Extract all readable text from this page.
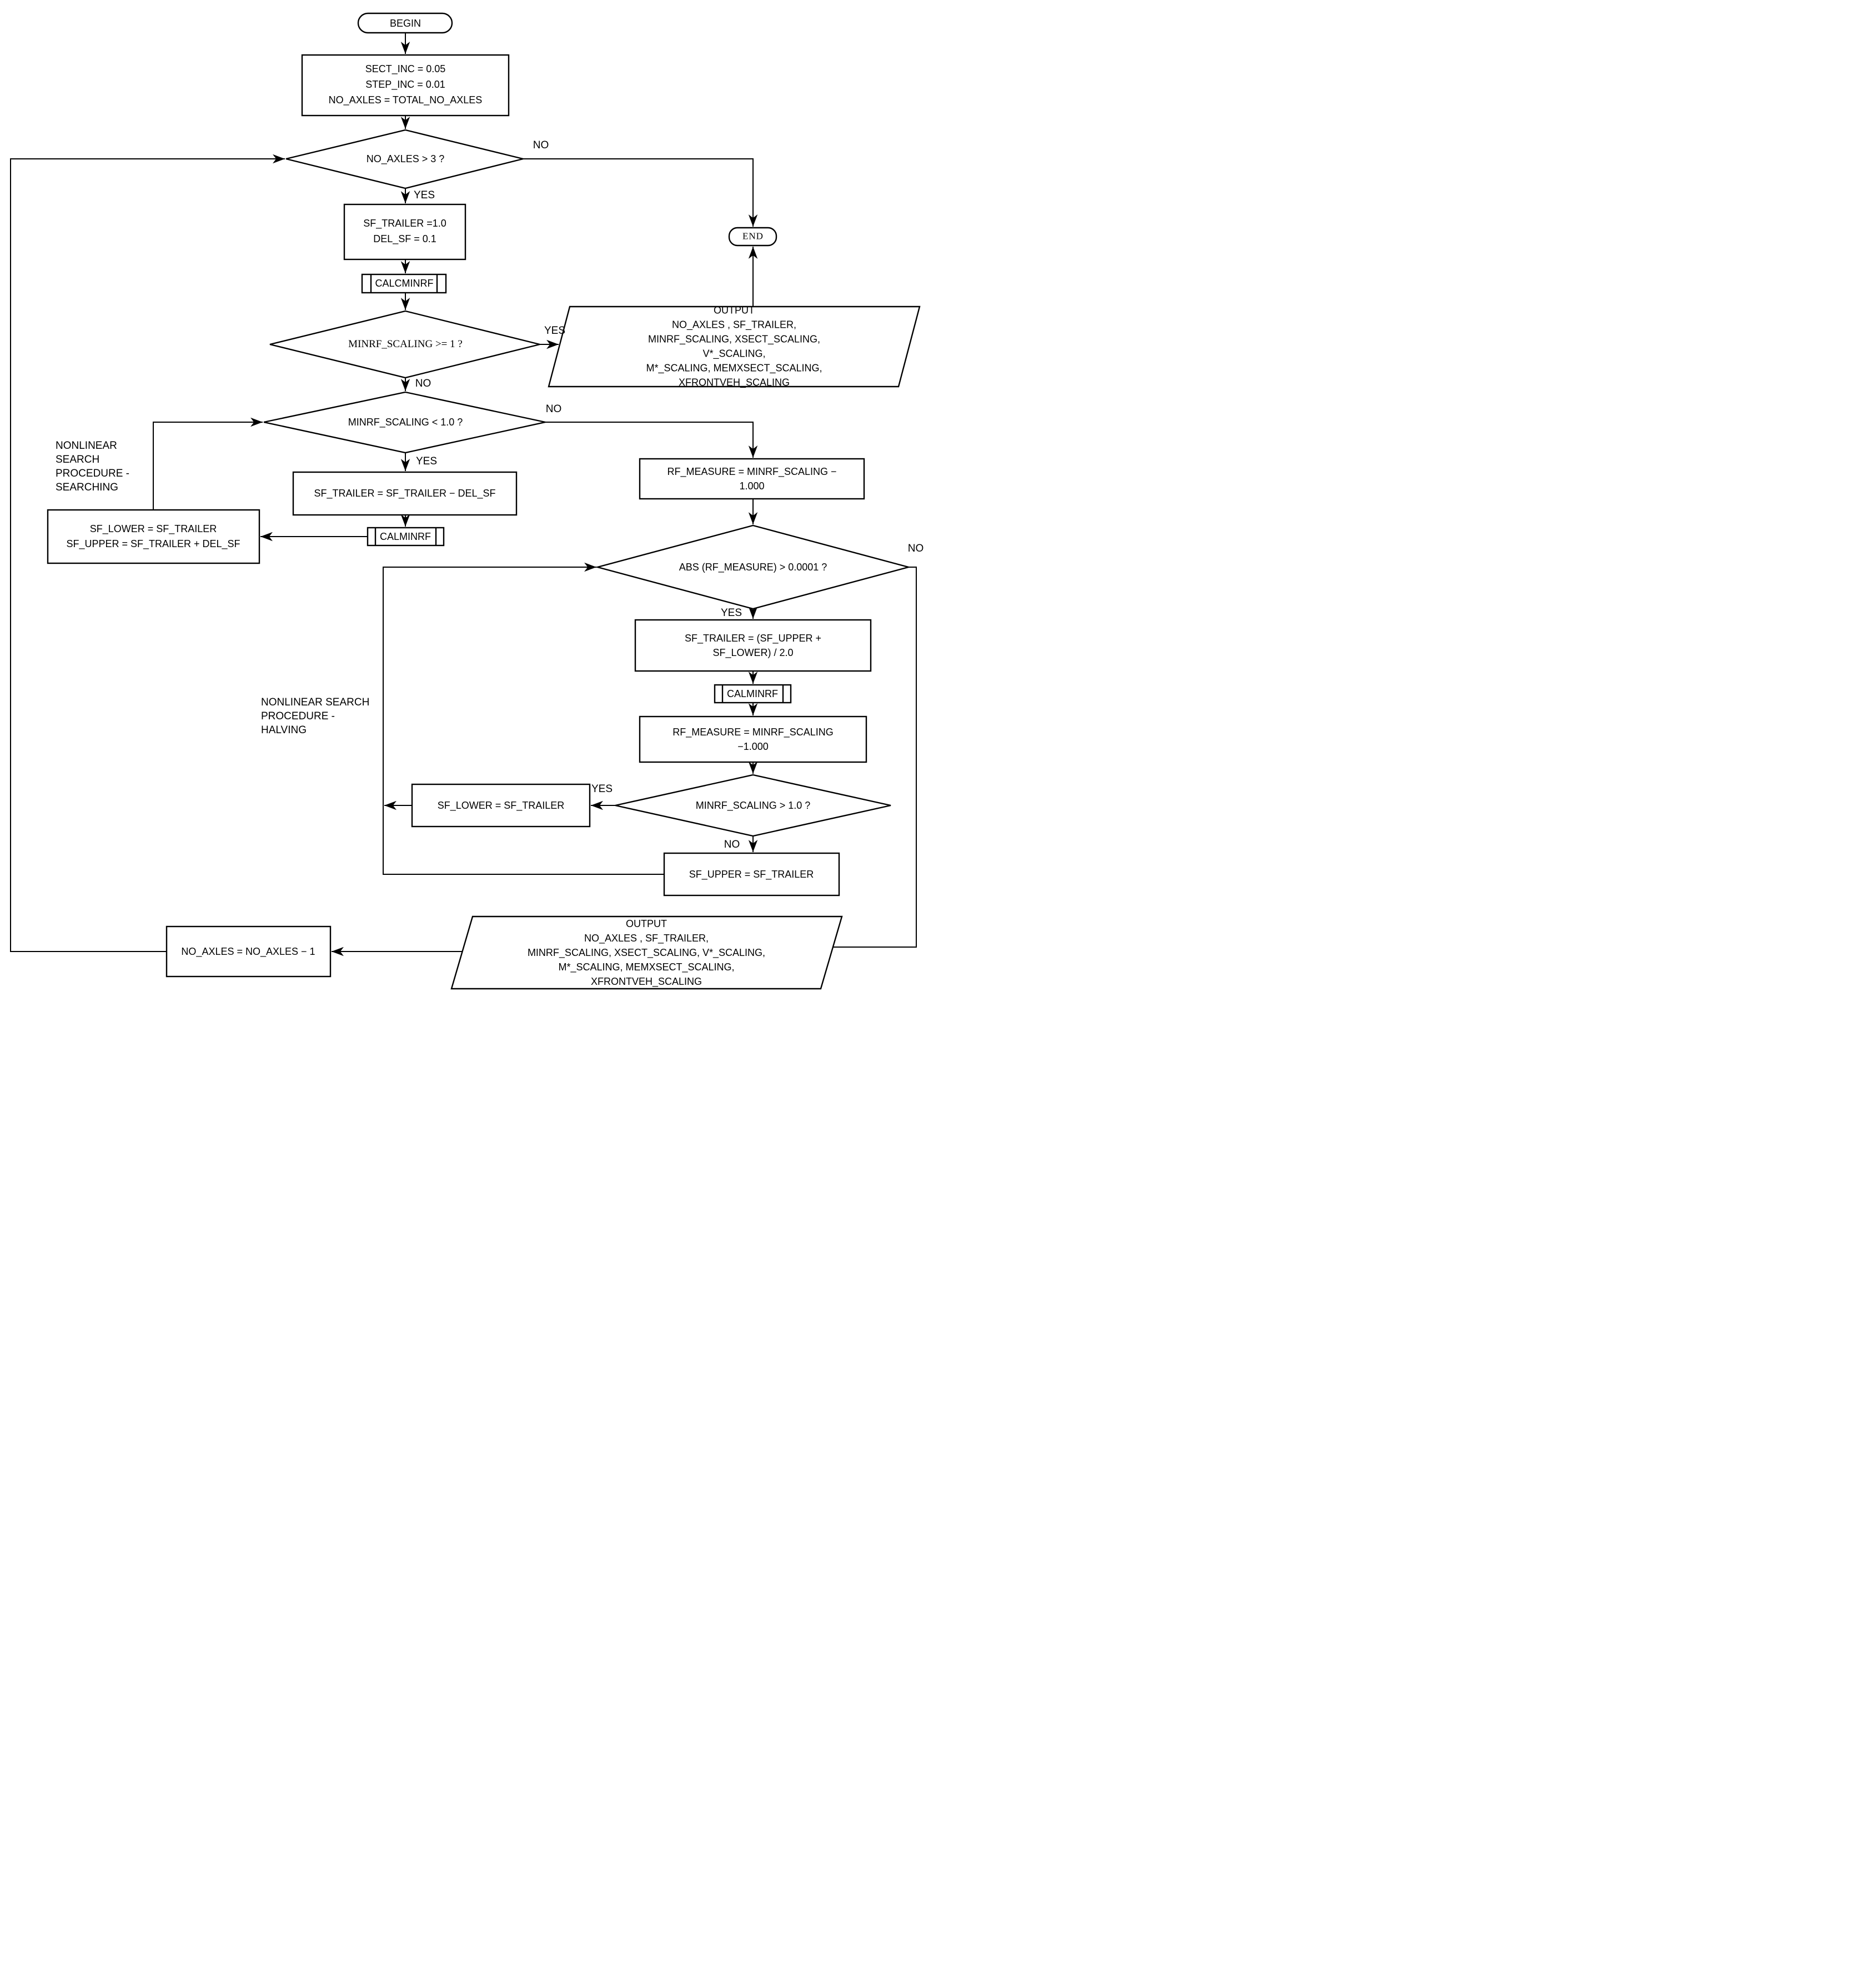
BEGIN
SECT_INC = 0.05
STEP_INC = 0.01
NO_AXLES = TOTAL_NO_AXLES
NO_AXLES > 3 ?
SF_TRAILER =1.0
DEL_SF = 0.1
CALCMINRF
MINRF_SCALING >= 1 ?
OUTPUT
NO_AXLES , SF_TRAILER,
MINRF_SCALING, XSECT_SCALING, V*_SCALING,
M*_SCALING, MEMXSECT_SCALING, XFRONTVEH_SCALING
END
MINRF_SCALING < 1.0 ?
SF_TRAILER = SF_TRAILER − DEL_SF
CALMINRF
SF_LOWER = SF_TRAILER
SF_UPPER = SF_TRAILER + DEL_SF
RF_MEASURE = MINRF_SCALING − 1.000
ABS (RF_MEASURE) > 0.0001 ?
SF_TRAILER = (SF_UPPER + SF_LOWER) / 2.0
CALMINRF
RF_MEASURE = MINRF_SCALING −1.000
MINRF_SCALING > 1.0 ?
SF_LOWER = SF_TRAILER
SF_UPPER = SF_TRAILER
OUTPUT
NO_AXLES , SF_TRAILER,
MINRF_SCALING, XSECT_SCALING, V*_SCALING,
M*_SCALING, MEMXSECT_SCALING, XFRONTVEH_SCALING
NO_AXLES = NO_AXLES − 1
NO
YES
YES
NO
NO
YES
NO
YES
YES
NO
NONLINEAR
SEARCH
PROCEDURE -
SEARCHING
NONLINEAR SEARCH
PROCEDURE -
HALVING
